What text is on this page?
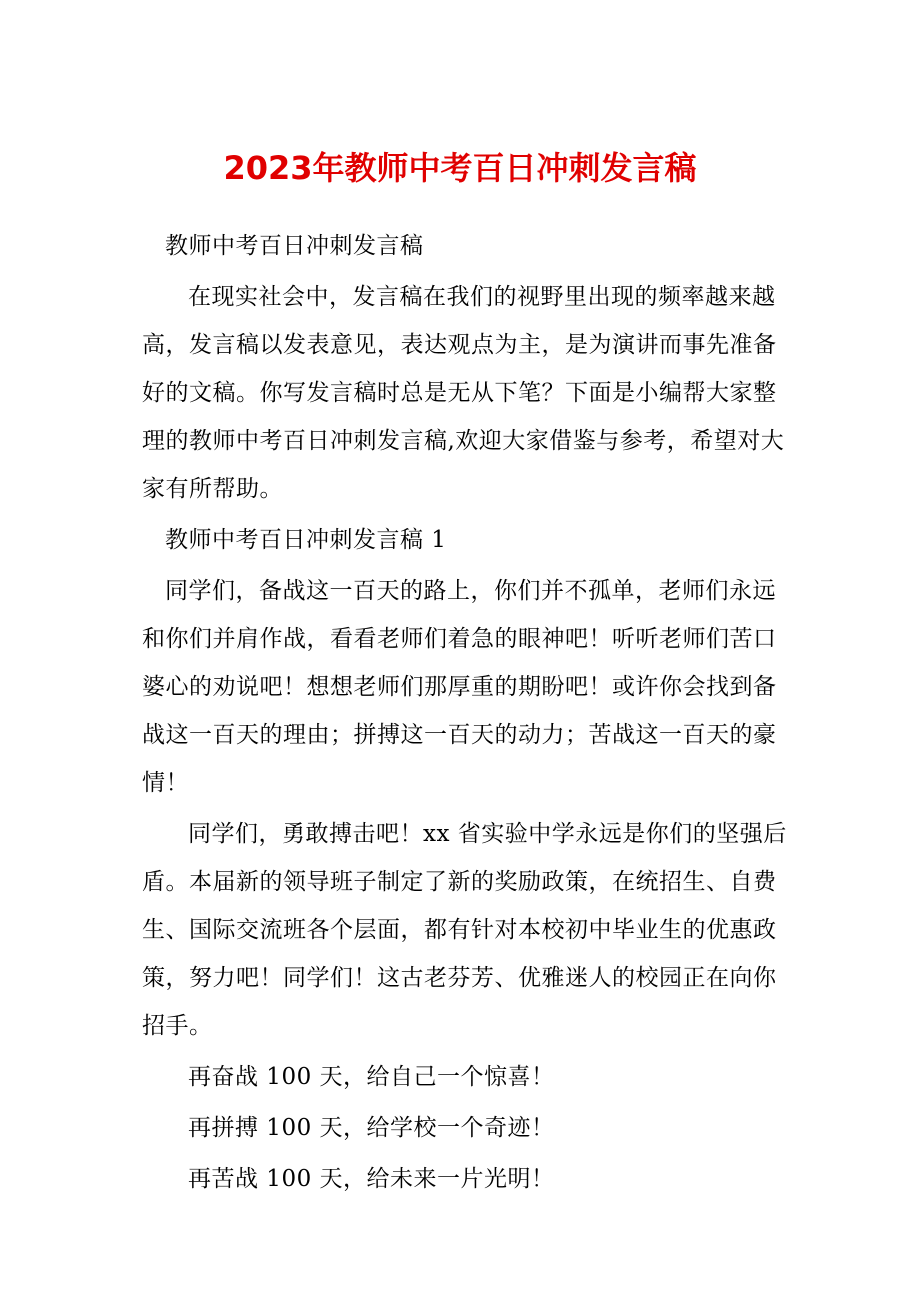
2023年教师中考百日冲刺发言稿

教师中考百日冲刺发言稿

在现实社会中，发言稿在我们的视野里出现的频率越来越高，发言稿以发表意见，表达观点为主，是为演讲而事先准备好的文稿。你写发言稿时总是无从下笔？下面是小编帮大家整理的教师中考百日冲刺发言稿,欢迎大家借鉴与参考，希望对大家有所帮助。

教师中考百日冲刺发言稿 1

同学们，备战这一百天的路上，你们并不孤单，老师们永远和你们并肩作战，看看老师们着急的眼神吧！听听老师们苦口婆心的劝说吧！想想老师们那厚重的期盼吧！或许你会找到备战这一百天的理由；拼搏这一百天的动力；苦战这一百天的豪情！

同学们，勇敢搏击吧！xx 省实验中学永远是你们的坚强后盾。本届新的领导班子制定了新的奖励政策，在统招生、自费生、国际交流班各个层面，都有针对本校初中毕业生的优惠政策，努力吧！同学们！这古老芬芳、优雅迷人的校园正在向你招手。

再奋战 100 天，给自己一个惊喜！

再拼搏 100 天，给学校一个奇迹！

再苦战 100 天，给未来一片光明！
